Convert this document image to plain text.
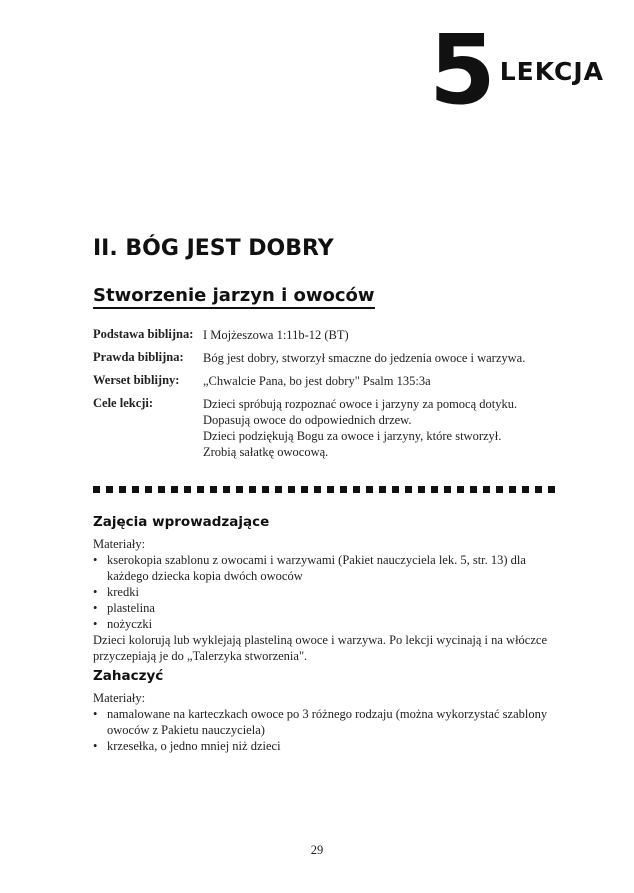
5 LEKCJA
II. BÓG JEST DOBRY
Stworzenie jarzyn i owoców
Podstawa biblijna: I Mojżeszowa 1:11b-12 (BT)
Prawda biblijna:	Bóg jest dobry, stworzył smaczne do jedzenia owoce i warzywa.
Werset biblijny:	„Chwalcie Pana, bo jest dobry" Psalm 135:3a
Cele lekcji:	Dzieci spróbują rozpoznać owoce i jarzyny za pomocą dotyku.
Dopasują owoce do odpowiednich drzew.
Dzieci podziękują Bogu za owoce i jarzyny, które stworzył.
Zrobią sałatkę owocową.
Zajęcia wprowadzające
Materiały:
• kserokopia szablonu z owocami i warzywami (Pakiet nauczyciela lek. 5, str. 13) dla każdego dziecka kopia dwóch owoców
• kredki
• plastelina
• nożyczki
Dzieci kolorują lub wyklejają plasteliną owoce i warzywa. Po lekcji wycinają i na włóczce przyczepiają je do „Talerzyka stworzenia".
Zahaczyć
Materiały:
• namalowane na karteczkach owoce po 3 różnego rodzaju (można wykorzystać szablony owoców z Pakietu nauczyciela)
• krzesełka, o jedno mniej niż dzieci
29
